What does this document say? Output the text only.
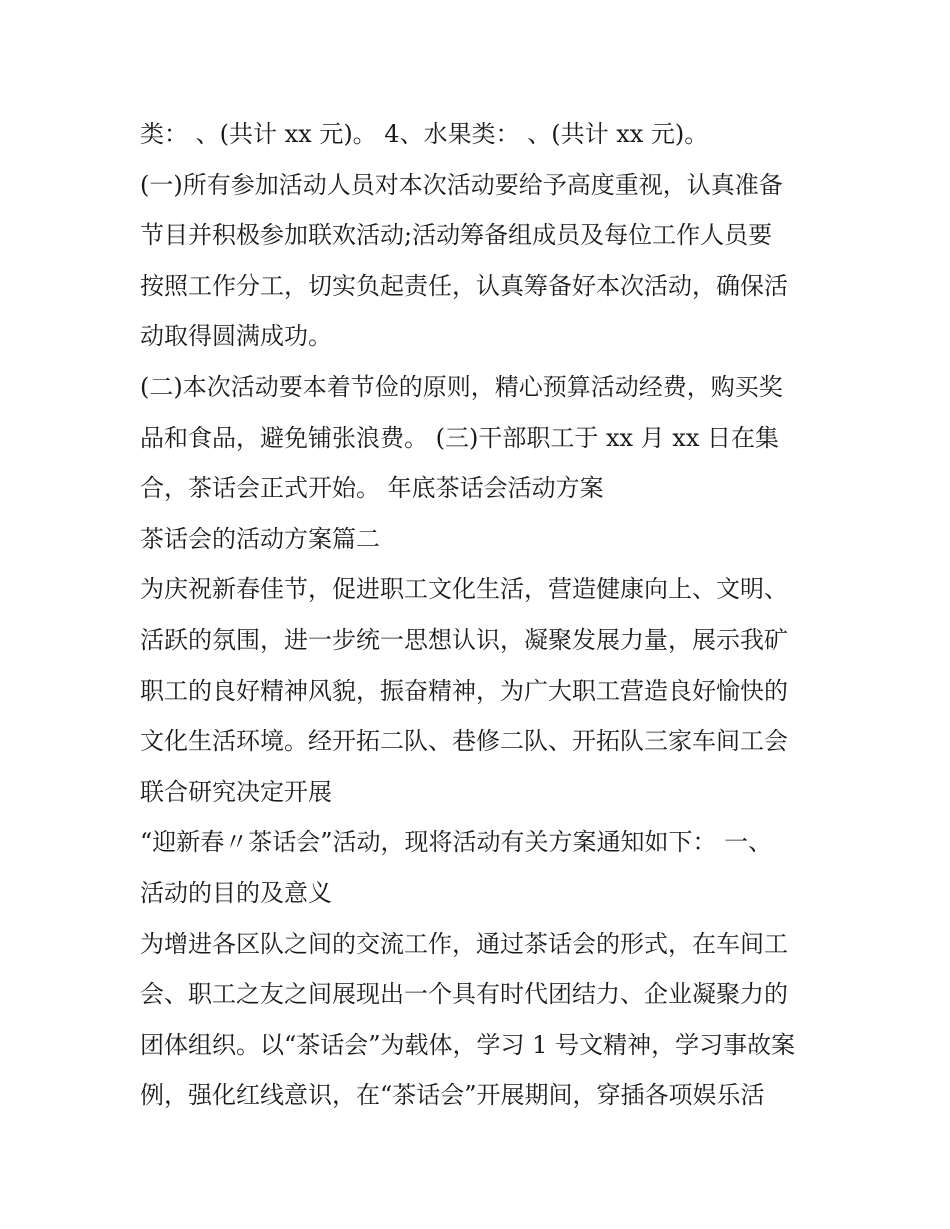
类： 、(共计 xx 元)。 4、水果类： 、(共计 xx 元)。
(一)所有参加活动人员对本次活动要给予高度重视，认真准备
节目并积极参加联欢活动;活动筹备组成员及每位工作人员要
按照工作分工，切实负起责任，认真筹备好本次活动，确保活
动取得圆满成功。
(二)本次活动要本着节俭的原则，精心预算活动经费，购买奖
品和食品，避免铺张浪费。 (三)干部职工于 xx 月 xx 日在集
合，茶话会正式开始。 年底茶话会活动方案
茶话会的活动方案篇二
为庆祝新春佳节，促进职工文化生活，营造健康向上、文明、
活跃的氛围，进一步统一思想认识，凝聚发展力量，展示我矿
职工的良好精神风貌，振奋精神，为广大职工营造良好愉快的
文化生活环境。经开拓二队、巷修二队、开拓队三家车间工会
联合研究决定开展
“迎新春〃茶话会”活动，现将活动有关方案通知如下： 一、
活动的目的及意义
为增进各区队之间的交流工作，通过茶话会的形式，在车间工
会、职工之友之间展现出一个具有时代团结力、企业凝聚力的
团体组织。以“茶话会”为载体，学习 1 号文精神，学习事故案
例，强化红线意识，在“茶话会”开展期间，穿插各项娱乐活
